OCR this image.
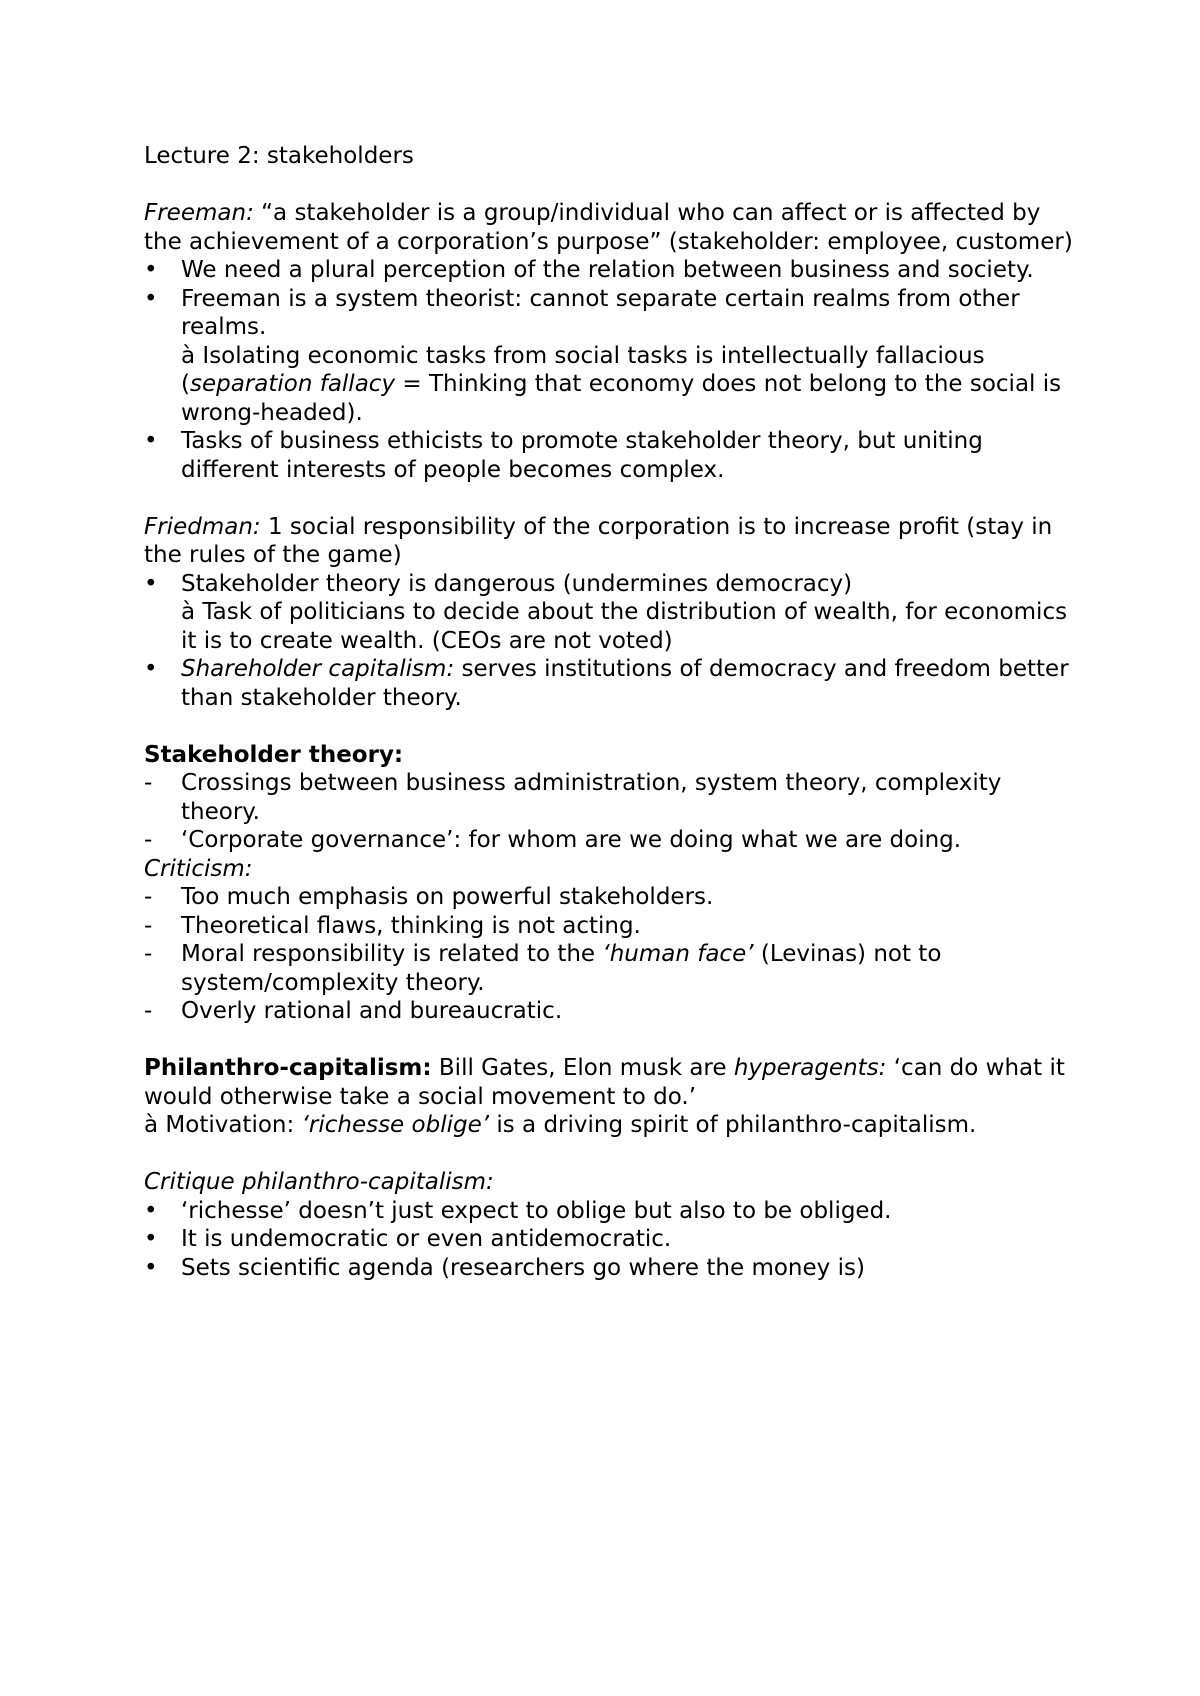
Lecture 2: stakeholders

Freeman: “a stakeholder is a group/individual who can affect or is affected by the achievement of a corporation’s purpose” (stakeholder: employee, customer)

•	We need a plural perception of the relation between business and society.
•	Freeman is a system theorist: cannot separate certain realms from other realms.

à Isolating economic tasks from social tasks is intellectually fallacious
(separation fallacy = Thinking that economy does not belong to the social is wrong-headed).

•	Tasks of business ethicists to promote stakeholder theory, but uniting different interests of people becomes complex.

Friedman: 1 social responsibility of the corporation is to increase profit (stay in the rules of the game)

•	Stakeholder theory is dangerous (undermines democracy)
à Task of politicians to decide about the distribution of wealth, for economics it is to create wealth. (CEOs are not voted)
•	Shareholder capitalism: serves institutions of democracy and freedom better than stakeholder theory.

Stakeholder theory:

-	Crossings between business administration, system theory, complexity theory.
-	‘Corporate governance’: for whom are we doing what we are doing.

Criticism:

-	Too much emphasis on powerful stakeholders.
-	Theoretical flaws, thinking is not acting.
-	Moral responsibility is related to the ‘human face’ (Levinas) not to system/complexity theory.
-	Overly rational and bureaucratic.

Philanthro-capitalism: Bill Gates, Elon musk are hyperagents: ‘can do what it would otherwise take a social movement to do.’

à Motivation: ‘richesse oblige’ is a driving spirit of philanthro-capitalism.

Critique philanthro-capitalism:

•	‘richesse’ doesn’t just expect to oblige but also to be obliged.
•	It is undemocratic or even antidemocratic.
•	Sets scientific agenda (researchers go where the money is)
